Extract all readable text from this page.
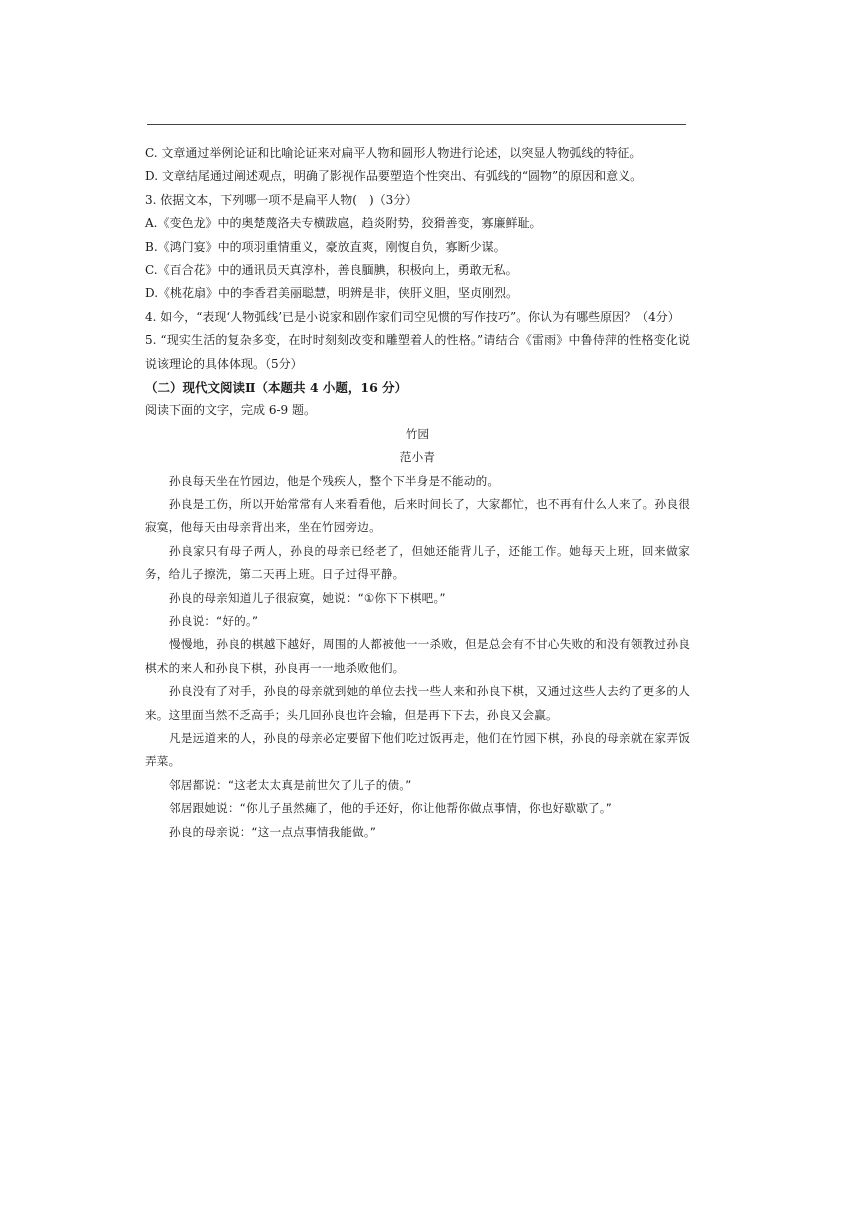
C. 文章通过举例论证和比喻论证来对扁平人物和圆形人物进行论述，以突显人物弧线的特征。
D. 文章结尾通过阐述观点，明确了影视作品要塑造个性突出、有弧线的“圆物”的原因和意义。
3. 依据文本，下列哪一项不是扁平人物(　)（3分）
A.《变色龙》中的奥楚蔑洛夫专横跋扈，趋炎附势，狡猾善变，寡廉鲜耻。
B.《鸿门宴》中的项羽重情重义，豪放直爽，刚愎自负，寡断少谋。
C.《百合花》中的通讯员天真淳朴，善良腼腆，积极向上，勇敢无私。
D.《桃花扇》中的李香君美丽聪慧，明辨是非，侠肝义胆，坚贞刚烈。

4. 如今，“表现‘人物弧线’已是小说家和剧作家们司空见惯的写作技巧”。你认为有哪些原因？（4分）

5. “现实生活的复杂多变，在时时刻刻改变和雕塑着人的性格。”请结合《雷雨》中鲁侍萍的性格变化说说该理论的具体体现。（5分）

（二）现代文阅读Ⅱ（本题共 4 小题，16 分）
阅读下面的文字，完成 6-9 题。
竹园
范小青

孙良每天坐在竹园边，他是个残疾人，整个下半身是不能动的。

孙良是工伤，所以开始常常有人来看看他，后来时间长了，大家都忙，也不再有什么人来了。孙良很寂寞，他每天由母亲背出来，坐在竹园旁边。

孙良家只有母子两人，孙良的母亲已经老了，但她还能背儿子，还能工作。她每天上班，回来做家务，给儿子擦洗，第二天再上班。日子过得平静。

孙良的母亲知道儿子很寂寞，她说：“①你下下棋吧。”

孙良说：“好的。”

慢慢地，孙良的棋越下越好，周围的人都被他一一杀败，但是总会有不甘心失败的和没有领教过孙良棋术的来人和孙良下棋，孙良再一一地杀败他们。

孙良没有了对手，孙良的母亲就到她的单位去找一些人来和孙良下棋，又通过这些人去约了更多的人来。这里面当然不乏高手；头几回孙良也许会输，但是再下下去，孙良又会赢。

凡是远道来的人，孙良的母亲必定要留下他们吃过饭再走，他们在竹园下棋，孙良的母亲就在家弄饭弄菜。

邻居都说：“这老太太真是前世欠了儿子的债。”

邻居跟她说：“你儿子虽然瘫了，他的手还好，你让他帮你做点事情，你也好歇歇了。”

孙良的母亲说：“这一点点事情我能做。”
